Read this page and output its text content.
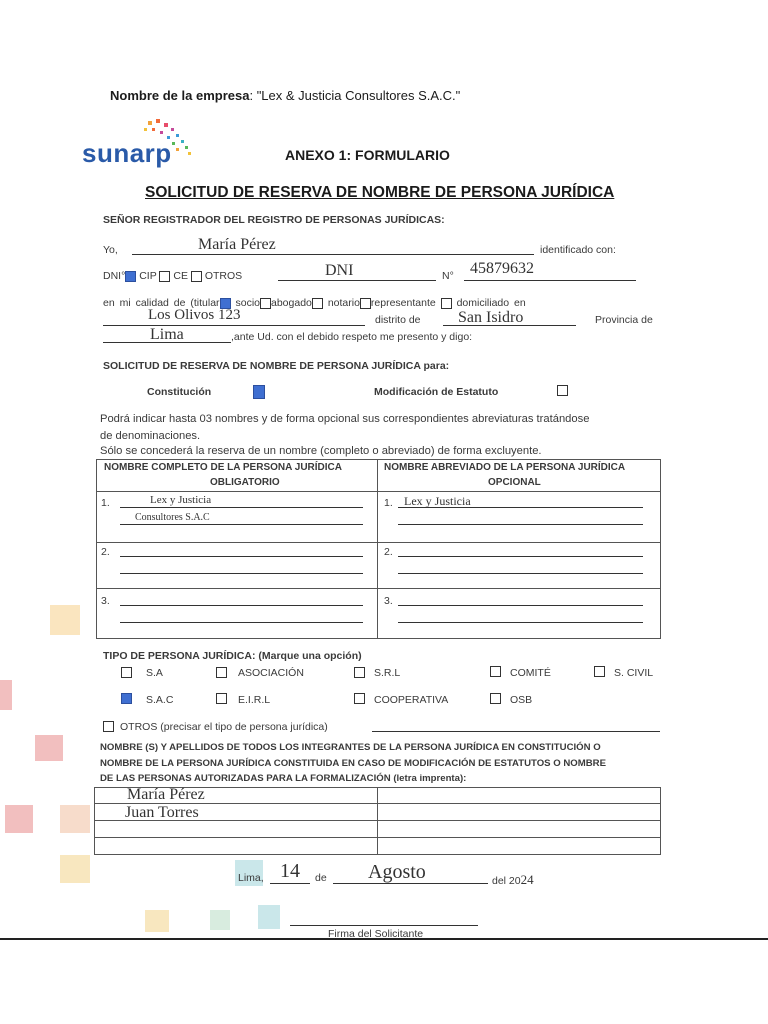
Nombre de la empresa: "Lex & Justicia Consultores S.A.C."
sunarp	ANEXO 1: FORMULARIO
SOLICITUD DE RESERVA DE NOMBRE DE PERSONA JURÍDICA
SEÑOR REGISTRADOR DEL REGISTRO DE PERSONAS JURÍDICAS:
Yo,	María Pérez	identificado con:
DNI° CIP CE OTROS	DNI	N° 45879632
en mi calidad de (titular socio abogado notario representante domiciliado en
Los Olivos 123	distrito de San Isidro	Provincia de
Lima	,ante Ud. con el debido respeto me presento y digo:
SOLICITUD DE RESERVA DE NOMBRE DE PERSONA JURÍDICA para:
Constitución	Modificación de Estatuto
Podrá indicar hasta 03 nombres y de forma opcional sus correspondientes abreviaturas tratándose
de denominaciones.
Sólo se concederá la reserva de un nombre (completo o abreviado) de forma excluyente.
NOMBRE COMPLETO DE LA PERSONA JURÍDICA
OBLIGATORIO
NOMBRE ABREVIADO DE LA PERSONA JURÍDICA
OPCIONAL
1.	Lex y Justicia
Consultores S.A.C
1. Lex y Justicia
2.	2.
3.	3.
TIPO DE PERSONA JURÍDICA: (Marque una opción)
S.A	ASOCIACIÓN	S.R.L	COMITÉ	S. CIVIL
S.A.C	E.I.R.L	COOPERATIVA	OSB
OTROS (precisar el tipo de persona jurídica)
NOMBRE (S) Y APELLIDOS DE TODOS LOS INTEGRANTES DE LA PERSONA JURÍDICA EN CONSTITUCIÓN O
NOMBRE DE LA PERSONA JURÍDICA CONSTITUIDA EN CASO DE MODIFICACIÓN DE ESTATUTOS O NOMBRE
DE LAS PERSONAS AUTORIZADAS PARA LA FORMALIZACIÓN (letra imprenta):
María Pérez
Juan Torres
Lima, 14 de Agosto	del 2024
Firma del Solicitante
